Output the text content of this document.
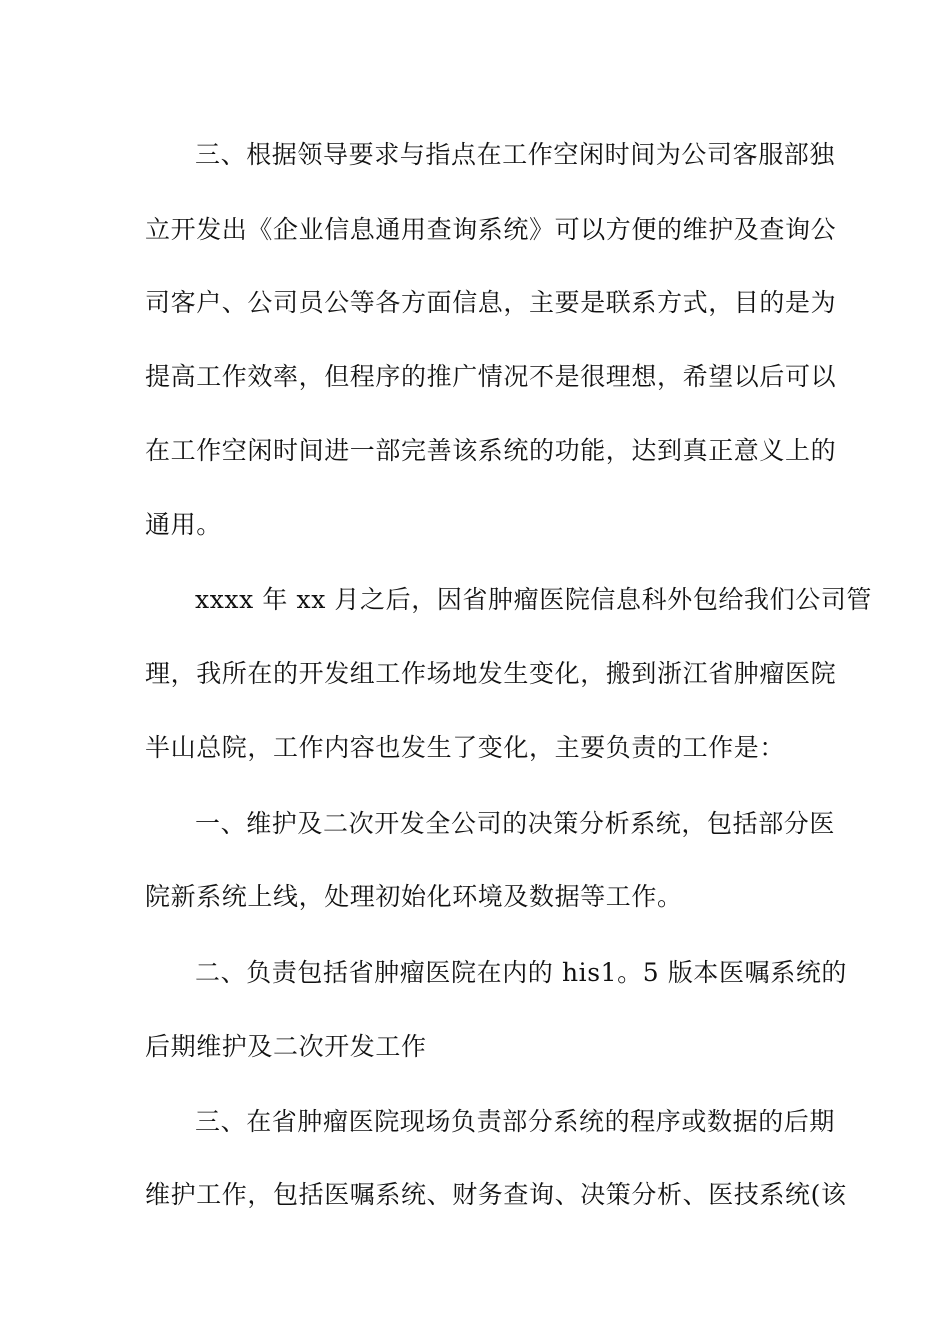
三、根据领导要求与指点在工作空闲时间为公司客服部独
立开发出《企业信息通用查询系统》可以方便的维护及查询公
司客户、公司员公等各方面信息，主要是联系方式，目的是为
提高工作效率，但程序的推广情况不是很理想，希望以后可以
在工作空闲时间进一部完善该系统的功能，达到真正意义上的
通用。
xxxx 年 xx 月之后，因省肿瘤医院信息科外包给我们公司管
理，我所在的开发组工作场地发生变化，搬到浙江省肿瘤医院
半山总院，工作内容也发生了变化，主要负责的工作是：
一、维护及二次开发全公司的决策分析系统，包括部分医
院新系统上线，处理初始化环境及数据等工作。
二、负责包括省肿瘤医院在内的 his1。5 版本医嘱系统的
后期维护及二次开发工作
三、在省肿瘤医院现场负责部分系统的程序或数据的后期
维护工作，包括医嘱系统、财务查询、决策分析、医技系统(该
